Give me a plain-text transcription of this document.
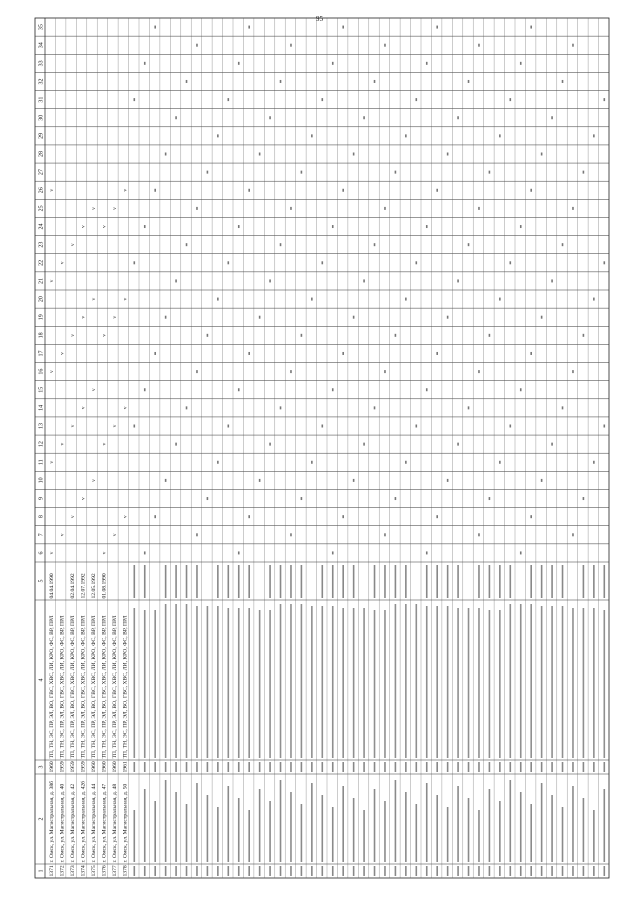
95
1
2
3
4
5
6
7
8
9
10
11
12
13
14
15
16
17
18
19
20
21
22
23
24
25
26
27
28
29
30
31
32
33
34
35
1371
г. Омск, ул. Магистральная, д. 38б
1960
ТП, ТН, ЭС, ПР, ЭЛ, ВО, ГВС, ХВС, ЛИ, КРО, ФС, ВР, ПРЛ
04.04.1990
v
v
v
v
v
1372
г. Омск, ул. Магистральная, д. 40
1959
ТП, ТН, ЭС, ПР, ЭЛ, ВО, ГВС, ХВС, ЛИ, КРО, ФС, ВР, ПРЛ
v
v
v
v
1373
г. Омск, ул. Магистральная, д. 42
1959
ТП, ТН, ЭС, ПР, ЭЛ, ВО, ГВС, ХВС, ЛИ, КРО, ФС, ВР, ПРЛ
02.04.1992
v
v
v
v
1374
г. Омск, ул. Магистральная, д. 42б
1959
ТП, ТН, ЭС, ПР, ЭЛ, ВО, ГВС, ХВС, ЛИ, КРО, ФС, ВР, ПРЛ
12.07.1992
v
v
v
v
1375
г. Омск, ул. Магистральная, д. 44
1960
ТП, ТН, ЭС, ПР, ЭЛ, ВО, ГВС, ХВС, ЛИ, КРО, ФС, ВР, ПРЛ
12.05.1992
v
v
v
v
1376
г. Омск, ул. Магистральная, д. 47
1960
ТП, ТН, ЭС, ПР, ЭЛ, ВО, ГВС, ХВС, ЛИ, КРО, ФС, ВР, ПРЛ
01.08.1990
v
v
v
v
1377
г. Омск, ул. Магистральная, д. 48
1960
ТП, ТН, ЭС, ПР, ЭЛ, ВО, ГВС, ХВС, ЛИ, КРО, ФС, ВР, ПРЛ
v
v
v
v
1378
г. Омск, ул. Магистральная, д. 50
1961
ТП, ТН, ЭС, ПР, ЭЛ, ВО, ГВС, ХВС, ЛИ, КРО, ФС, ВР, ПРЛ
v
v
v
v
